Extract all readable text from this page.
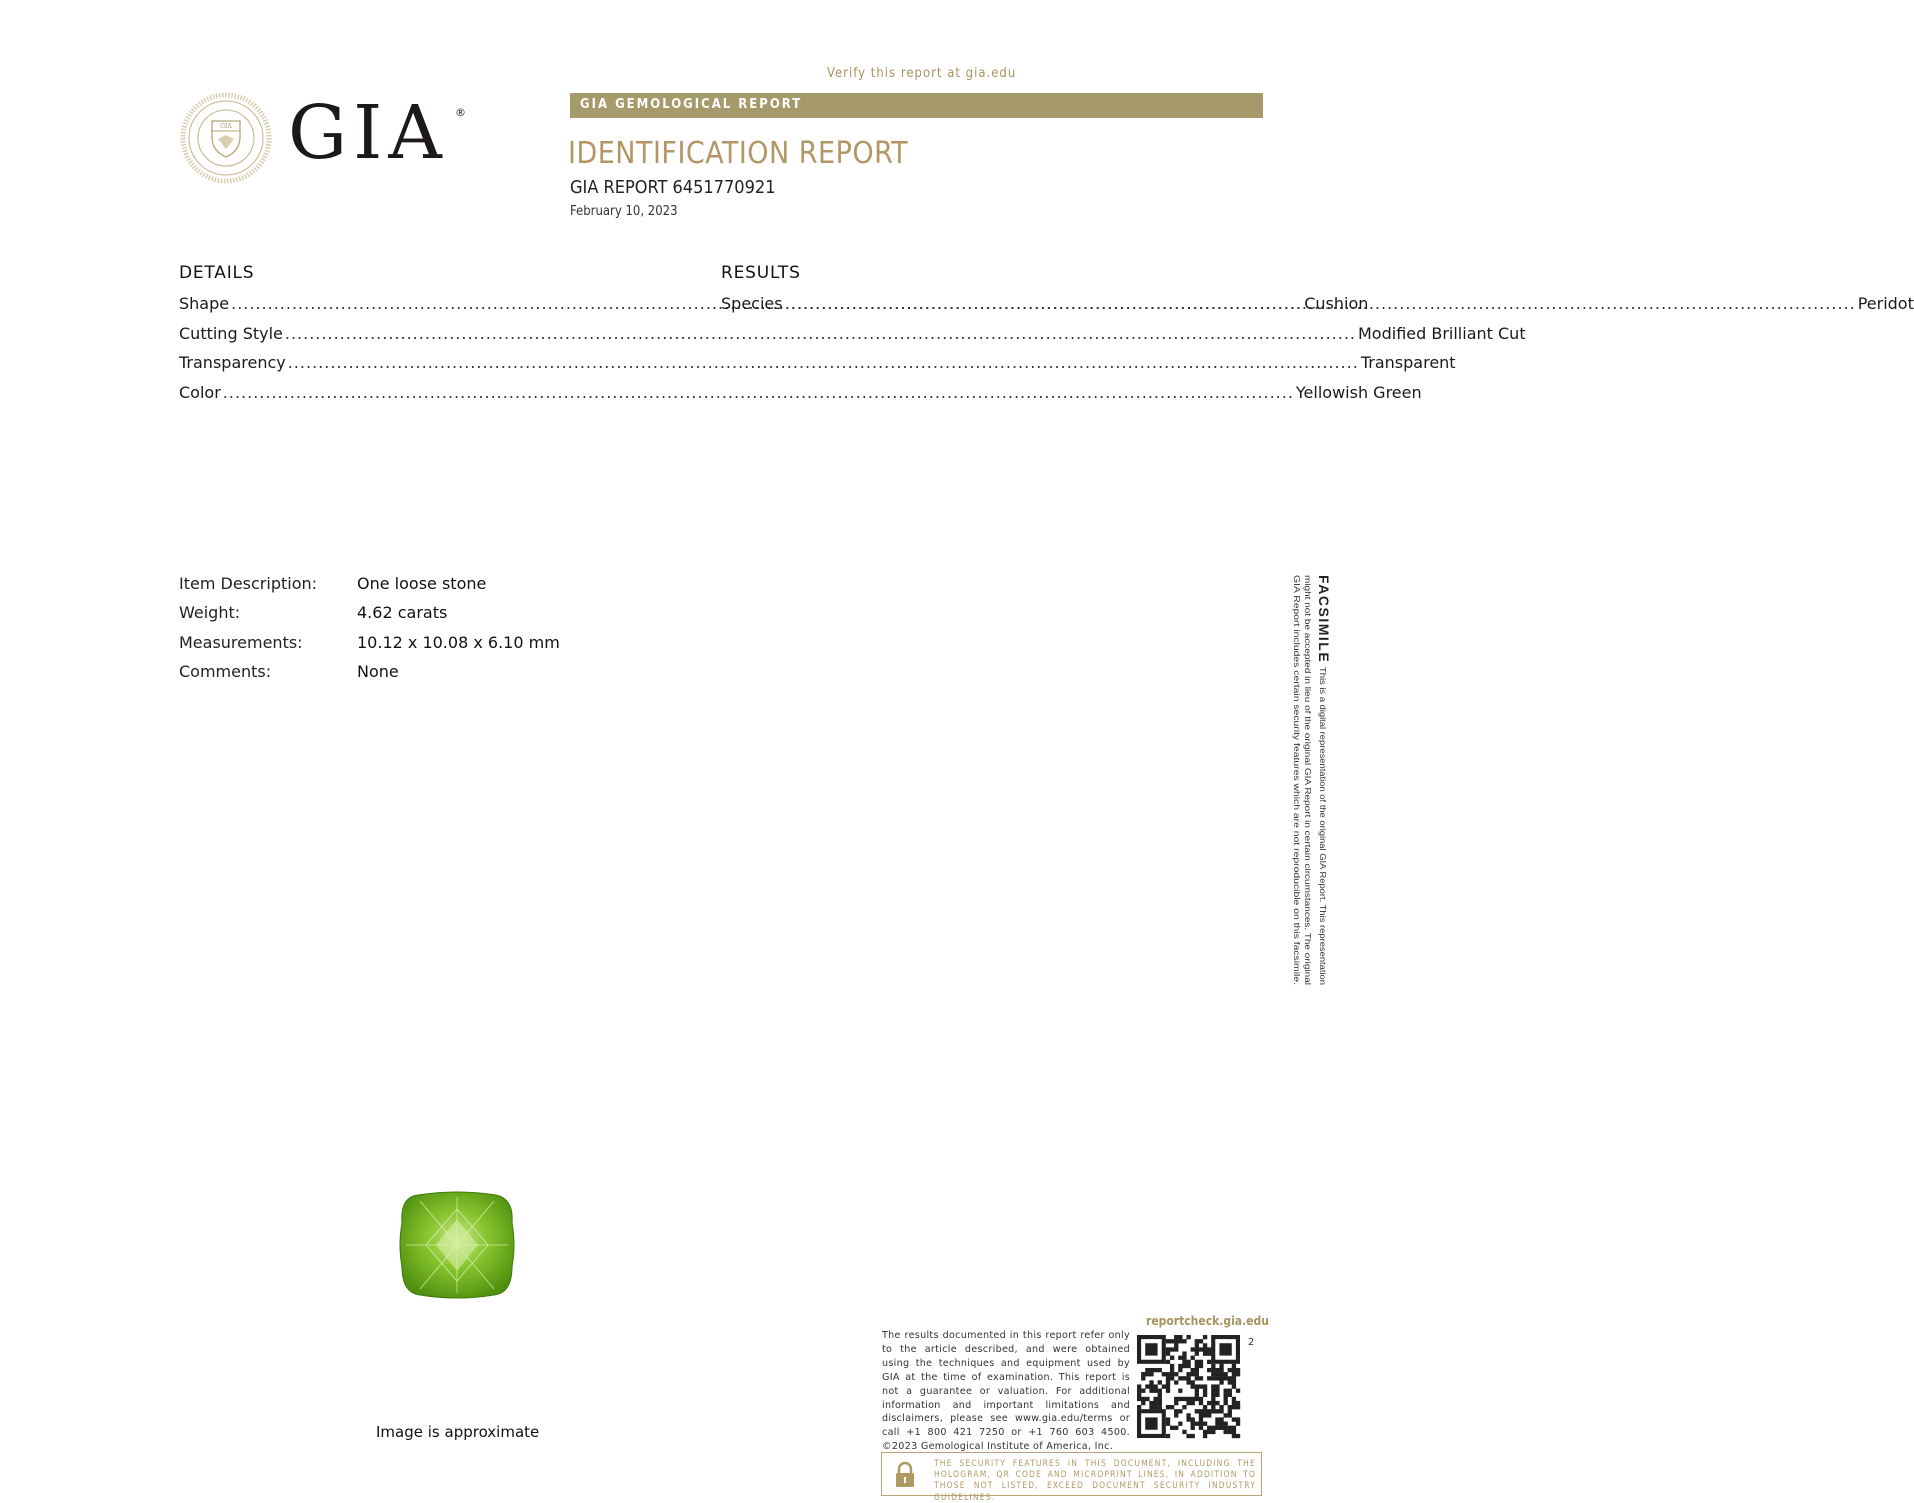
Verify this report at gia.edu
GIA GEMOLOGICAL REPORT
IDENTIFICATION REPORT
GIA REPORT 6451770921
February 10, 2023
GIA GIA ®
DETAILS
Shape .....	Cushion
Cutting Style .....	Modified Brilliant Cut
Transparency .....	Transparent
Color .....	Yellowish Green
RESULTS
Species .....	Peridot
Item Description:	One loose stone
Weight:	4.62 carats
Measurements:	10.12 x 10.08 x 6.10 mm
Comments:	None
FACSIMILE
This is a digital representation of the original GIA Report. This representation
might not be accepted in lieu of the original GIA Report in certain circumstances. The original
GIA Report includes certain security features which are not reproducible on this facsimile.
Image is approximate
reportcheck.gia.edu
The results documented in this report refer only to the article described, and were obtained using the techniques and equipment used by GIA at the time of examination. This report is not a guarantee or valuation. For additional information and important limitations and disclaimers, please see www.gia.edu/terms or call +1 800 421 7250 or +1 760 603 4500. ©2023 Gemological Institute of America, Inc.
2
THE SECURITY FEATURES IN THIS DOCUMENT, INCLUDING THE HOLOGRAM, QR CODE AND MICROPRINT LINES, IN ADDITION TO THOSE NOT LISTED, EXCEED DOCUMENT SECURITY INDUSTRY GUIDELINES.
